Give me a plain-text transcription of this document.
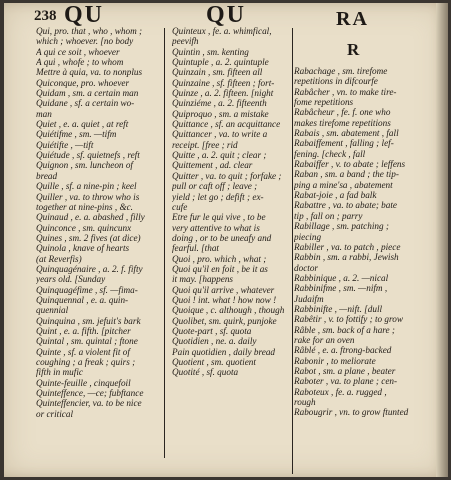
238 QU	QU	RA
R
Qui, pro. that , who , whom ;
which ; whoever. [no body
A qui ce soit , whoever
A qui , whofe ; to whom
Mettre à quia, va. to nonplus
Quiconque, pro. whoever
Quidam , sm. a certain man
Quidane , sf. a certain wo-
man
Quiet , e. a. quiet , at reft
Quiétifme , sm. —tifm
Quiétifte , —tift
Quiétude , sf. quietnefs , reft
Quignon , sm. luncheon of
bread
Quille , sf. a nine-pin ; keel
Quiller , va. to throw who is
together at nine-pins , &c.
Quinaud , e. a. abashed , filly
Quinconce , sm. quincunx
Quines , sm. 2 fives (at dice)
Quinola , knave of hearts
(at Reverfis)
Quinquagénaire , a. 2. f. fifty
years old. [Sunday
Quinquagéfime , sf. —fima-
Quinquennal , e. a. quin-
quennial
Quinquina , sm. jefuit's bark
Quint , e. a. fifth. [pitcher
Quintal , sm. quintal ; ftone
Quinte , sf. a violent fit of
coughing ; a freak ; quirs ;
fifth in mufic
Quinte-feuille , cinquefoil
Quinteffence, —ce; fubftance
Quinteffencier, va. to be nice
or critical
Quinteux , fe. a. whimfical,
peevifh
Quintin , sm. kenting
Quintuple , a. 2. quintuple
Quinzain , sm. fifteen all
Quinzaine , sf. fifteen ; fort-
Quinze , a. 2. fifteen. [night
Quinziéme , a. 2. fifteenth
Quiproquo , sm. a mistake
Quittance , sf. an acquittance
Quittancer , va. to write a
receipt. [free ; rid
Quitte , a. 2. quit ; clear ;
Quittement , ad. clear
Quitter , va. to quit ; forfake ;
pull or caft off ; leave ;
yield ; let go ; defift ; ex-
cufe
Etre fur le qui vive , to be
very attentive to what is
doing , or to be uneafy and
fearful. [that
Quoi , pro. which , what ;
Quoi qu'il en foit , be it as
it may. [happens
Quoi qu'il arrive , whatever
Quoi ! int. what ! how now !
Quoique , c. although , though
Quolibet, sm. quirk, punjoke
Quote-part , sf. quota
Quotidien , ne. a. daily
Pain quotidien , daily bread
Quotient , sm. quotient
Quotité , sf. quota
Rabachage , sm. tirefome
repetitions in difcourfe
Rabâcher , vn. to make tire-
fome repetitions
Rabâcheur , fe. f. one who
makes tirefome repetitions
Rabais , sm. abatement , fall
Rabaiffement , falling ; lef-
fening. [check , fall
Rabaiffer , v. to abate ; leffens
Raban , sm. a band ; the tip-
ping a mine'sa , abatement
Rabat-joie , a fad balk
Rabattre , va. to abate; bate
tip , fall on ; parry
Rabillage , sm. patching ;
piecing
Rabiller , va. to patch , piece
Rabbin , sm. a rabbi, Jewish
doctor
Rabbinique , a. 2. —nical
Rabbinifme , sm. —nifm ,
Judaifm
Rabbinifte , —nift. [dull
Rabêtir , v. to fottify ; to grow
Râble , sm. back of a hare ;
rake for an oven
Râblé , e. a. ftrong-backed
Rabonir , to meliorate
Rabot , sm. a plane , beater
Raboter , va. to plane ; cen-
Raboteux , fe. a. rugged ,
rough
Rabougrir , vn. to grow ftunted
